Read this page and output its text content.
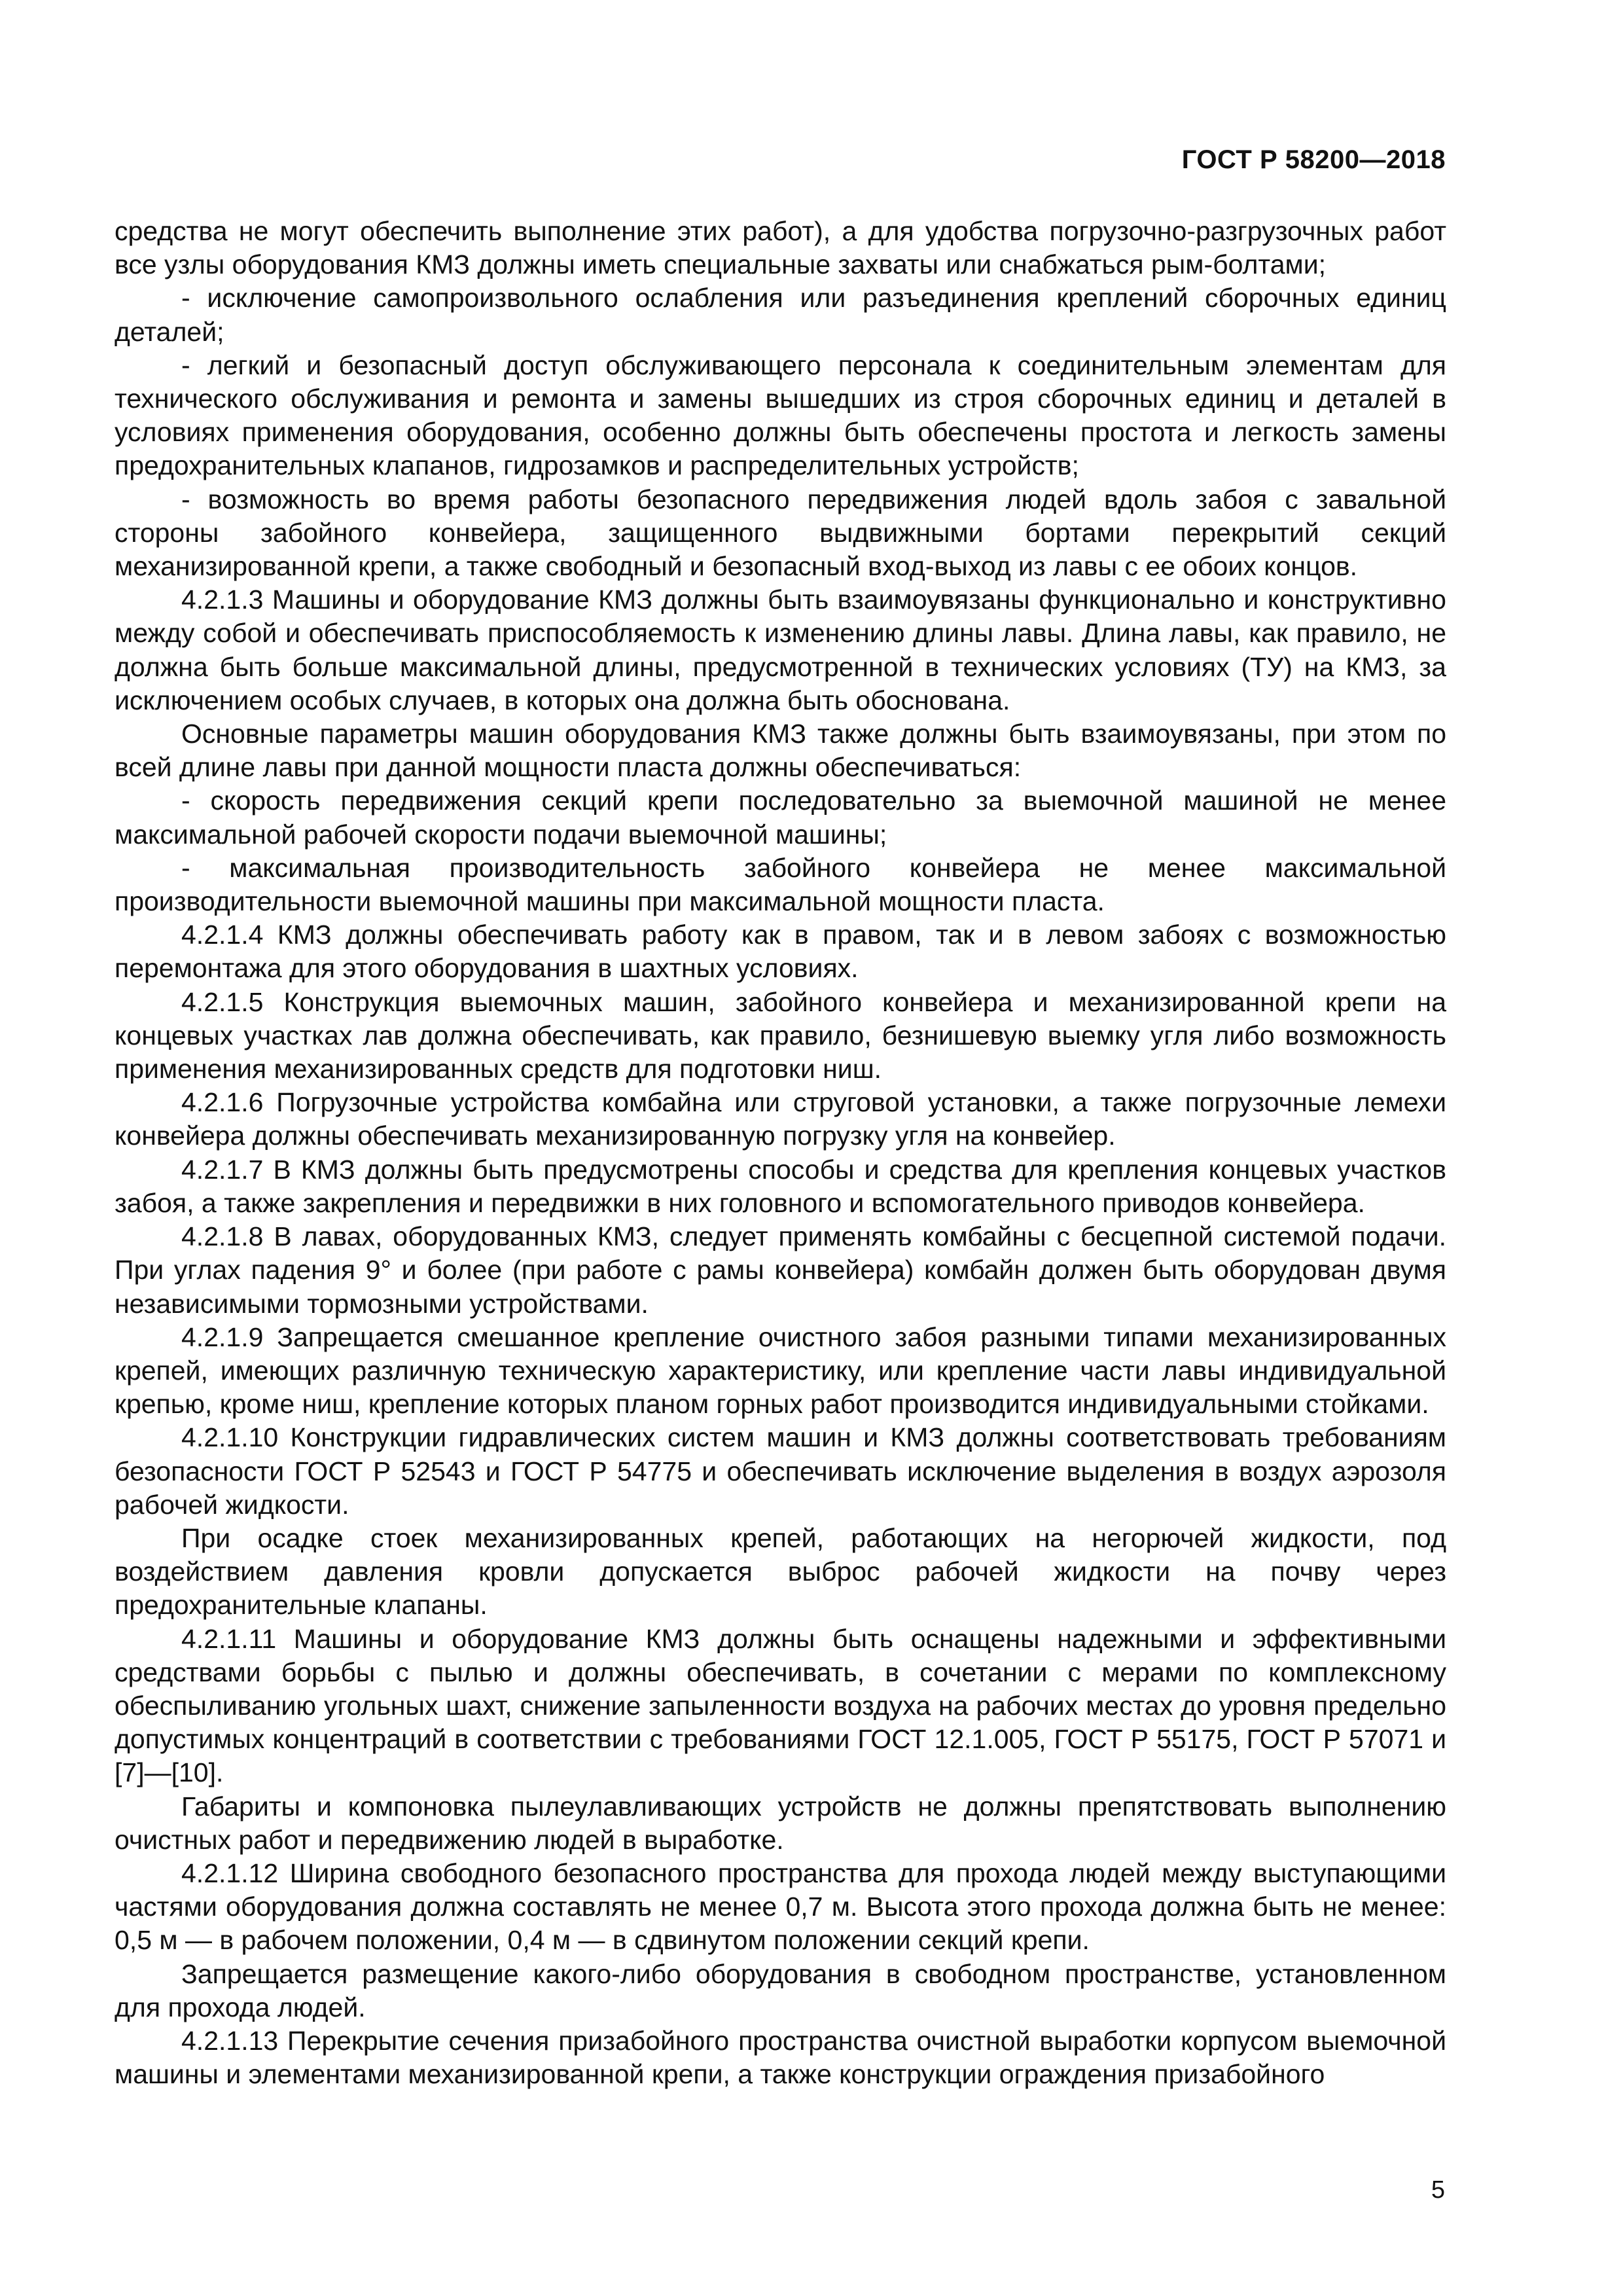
ГОСТ Р 58200—2018

средства не могут обеспечить выполнение этих работ), а для удобства погрузочно-разгрузочных работ все узлы оборудования КМЗ должны иметь специальные захваты или снабжаться рым-болтами;

- исключение самопроизвольного ослабления или разъединения креплений сборочных единиц деталей;

- легкий и безопасный доступ обслуживающего персонала к соединительным элементам для технического обслуживания и ремонта и замены вышедших из строя сборочных единиц и деталей в условиях применения оборудования, особенно должны быть обеспечены простота и легкость замены предохранительных клапанов, гидрозамков и распределительных устройств;

- возможность во время работы безопасного передвижения людей вдоль забоя с завальной стороны забойного конвейера, защищенного выдвижными бортами перекрытий секций механизированной крепи, а также свободный и безопасный вход-выход из лавы с ее обоих концов.

4.2.1.3 Машины и оборудование КМЗ должны быть взаимоувязаны функционально и конструктивно между собой и обеспечивать приспособляемость к изменению длины лавы. Длина лавы, как правило, не должна быть больше максимальной длины, предусмотренной в технических условиях (ТУ) на КМЗ, за исключением особых случаев, в которых она должна быть обоснована.

Основные параметры машин оборудования КМЗ также должны быть взаимоувязаны, при этом по всей длине лавы при данной мощности пласта должны обеспечиваться:

- скорость передвижения секций крепи последовательно за выемочной машиной не менее максимальной рабочей скорости подачи выемочной машины;

- максимальная производительность забойного конвейера не менее максимальной производительности выемочной машины при максимальной мощности пласта.

4.2.1.4 КМЗ должны обеспечивать работу как в правом, так и в левом забоях с возможностью перемонтажа для этого оборудования в шахтных условиях.

4.2.1.5 Конструкция выемочных машин, забойного конвейера и механизированной крепи на концевых участках лав должна обеспечивать, как правило, безнишевую выемку угля либо возможность применения механизированных средств для подготовки ниш.

4.2.1.6 Погрузочные устройства комбайна или струговой установки, а также погрузочные лемехи конвейера должны обеспечивать механизированную погрузку угля на конвейер.

4.2.1.7 В КМЗ должны быть предусмотрены способы и средства для крепления концевых участков забоя, а также закрепления и передвижки в них головного и вспомогательного приводов конвейера.

4.2.1.8 В лавах, оборудованных КМЗ, следует применять комбайны с бесцепной системой подачи. При углах падения 9° и более (при работе с рамы конвейера) комбайн должен быть оборудован двумя независимыми тормозными устройствами.

4.2.1.9 Запрещается смешанное крепление очистного забоя разными типами механизированных крепей, имеющих различную техническую характеристику, или крепление части лавы индивидуальной крепью, кроме ниш, крепление которых планом горных работ производится индивидуальными стойками.

4.2.1.10 Конструкции гидравлических систем машин и КМЗ должны соответствовать требованиям безопасности ГОСТ Р 52543 и ГОСТ Р 54775 и обеспечивать исключение выделения в воздух аэрозоля рабочей жидкости.

При осадке стоек механизированных крепей, работающих на негорючей жидкости, под воздействием давления кровли допускается выброс рабочей жидкости на почву через предохранительные клапаны.

4.2.1.11 Машины и оборудование КМЗ должны быть оснащены надежными и эффективными средствами борьбы с пылью и должны обеспечивать, в сочетании с мерами по комплексному обеспыливанию угольных шахт, снижение запыленности воздуха на рабочих местах до уровня предельно допустимых концентраций в соответствии с требованиями ГОСТ 12.1.005, ГОСТ Р 55175, ГОСТ Р 57071 и [7]—[10].

Габариты и компоновка пылеулавливающих устройств не должны препятствовать выполнению очистных работ и передвижению людей в выработке.

4.2.1.12 Ширина свободного безопасного пространства для прохода людей между выступающими частями оборудования должна составлять не менее 0,7 м. Высота этого прохода должна быть не менее: 0,5 м — в рабочем положении, 0,4 м — в сдвинутом положении секций крепи.

Запрещается размещение какого-либо оборудования в свободном пространстве, установленном для прохода людей.

4.2.1.13 Перекрытие сечения призабойного пространства очистной выработки корпусом выемочной машины и элементами механизированной крепи, а также конструкции ограждения призабойного

5
